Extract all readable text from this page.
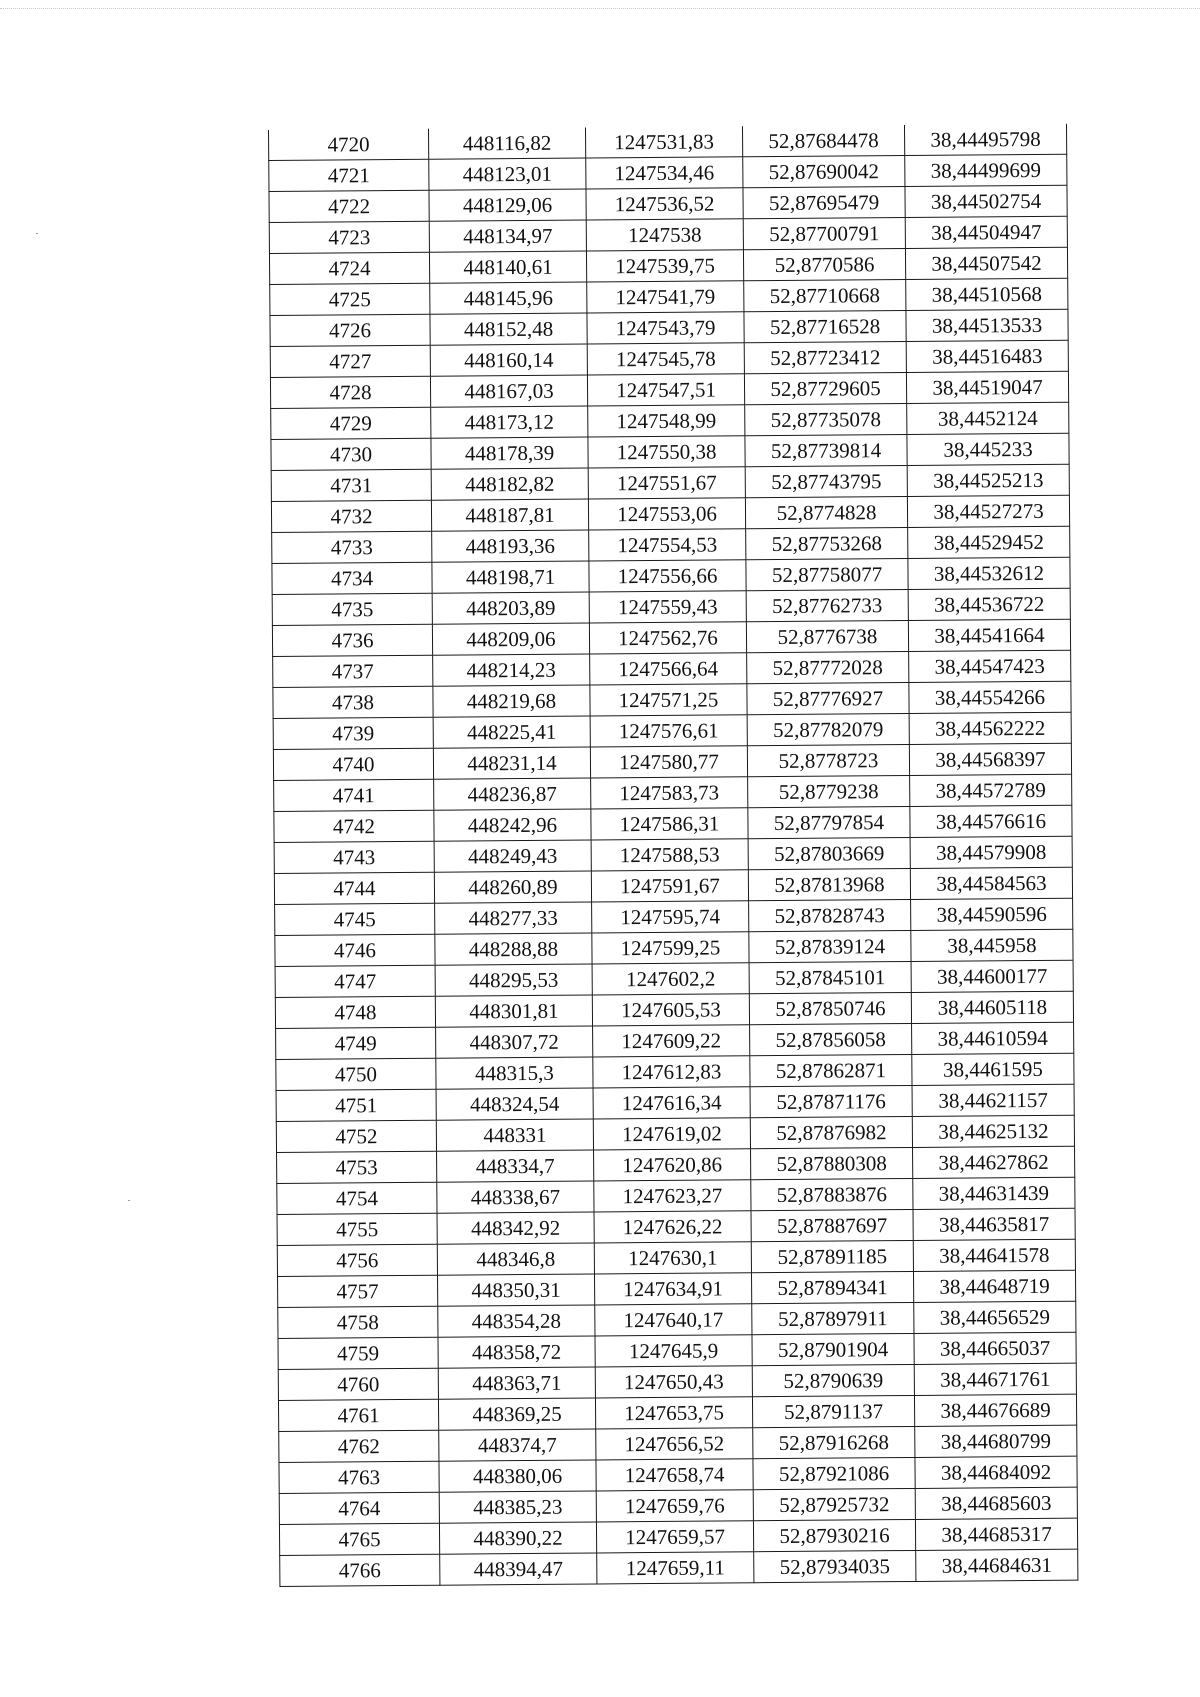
4720	448116,82	1247531,83	52,87684478	38,44495798
4721	448123,01	1247534,46	52,87690042	38,44499699
4722	448129,06	1247536,52	52,87695479	38,44502754
4723	448134,97	1247538	52,87700791	38,44504947
4724	448140,61	1247539,75	52,8770586	38,44507542
4725	448145,96	1247541,79	52,87710668	38,44510568
4726	448152,48	1247543,79	52,87716528	38,44513533
4727	448160,14	1247545,78	52,87723412	38,44516483
4728	448167,03	1247547,51	52,87729605	38,44519047
4729	448173,12	1247548,99	52,87735078	38,4452124
4730	448178,39	1247550,38	52,87739814	38,445233
4731	448182,82	1247551,67	52,87743795	38,44525213
4732	448187,81	1247553,06	52,8774828	38,44527273
4733	448193,36	1247554,53	52,87753268	38,44529452
4734	448198,71	1247556,66	52,87758077	38,44532612
4735	448203,89	1247559,43	52,87762733	38,44536722
4736	448209,06	1247562,76	52,8776738	38,44541664
4737	448214,23	1247566,64	52,87772028	38,44547423
4738	448219,68	1247571,25	52,87776927	38,44554266
4739	448225,41	1247576,61	52,87782079	38,44562222
4740	448231,14	1247580,77	52,8778723	38,44568397
4741	448236,87	1247583,73	52,8779238	38,44572789
4742	448242,96	1247586,31	52,87797854	38,44576616
4743	448249,43	1247588,53	52,87803669	38,44579908
4744	448260,89	1247591,67	52,87813968	38,44584563
4745	448277,33	1247595,74	52,87828743	38,44590596
4746	448288,88	1247599,25	52,87839124	38,445958
4747	448295,53	1247602,2	52,87845101	38,44600177
4748	448301,81	1247605,53	52,87850746	38,44605118
4749	448307,72	1247609,22	52,87856058	38,44610594
4750	448315,3	1247612,83	52,87862871	38,4461595
4751	448324,54	1247616,34	52,87871176	38,44621157
4752	448331	1247619,02	52,87876982	38,44625132
4753	448334,7	1247620,86	52,87880308	38,44627862
4754	448338,67	1247623,27	52,87883876	38,44631439
4755	448342,92	1247626,22	52,87887697	38,44635817
4756	448346,8	1247630,1	52,87891185	38,44641578
4757	448350,31	1247634,91	52,87894341	38,44648719
4758	448354,28	1247640,17	52,87897911	38,44656529
4759	448358,72	1247645,9	52,87901904	38,44665037
4760	448363,71	1247650,43	52,8790639	38,44671761
4761	448369,25	1247653,75	52,8791137	38,44676689
4762	448374,7	1247656,52	52,87916268	38,44680799
4763	448380,06	1247658,74	52,87921086	38,44684092
4764	448385,23	1247659,76	52,87925732	38,44685603
4765	448390,22	1247659,57	52,87930216	38,44685317
4766	448394,47	1247659,11	52,87934035	38,44684631
